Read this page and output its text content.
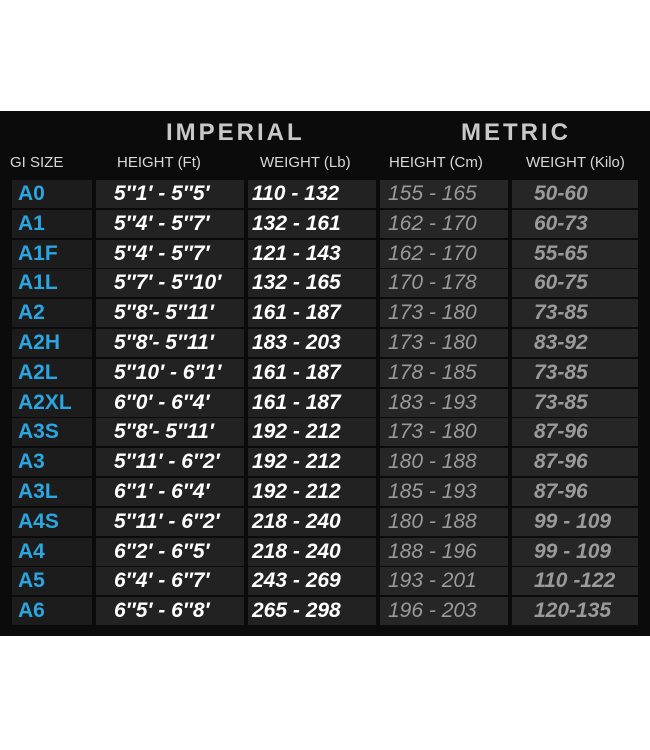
IMPERIAL	METRIC
GI SIZE	HEIGHT (Ft)	WEIGHT (Lb)	HEIGHT (Cm)	WEIGHT (Kilo)
A0	5″1′ - 5″5′	110 - 132	155 - 165	50-60
A1	5″4′ - 5″7′	132 - 161	162 - 170	60-73
A1F	5″4′ - 5″7′	121 - 143	162 - 170	55-65
A1L	5″7′ - 5″10′	132 - 165	170 - 178	60-75
A2	5″8′- 5″11′	161 - 187	173 - 180	73-85
A2H	5″8′- 5″11′	183 - 203	173 - 180	83-92
A2L	5″10′ - 6″1′	161 - 187	178 - 185	73-85
A2XL	6″0′ - 6″4′	161 - 187	183 - 193	73-85
A3S	5″8′- 5″11′	192 - 212	173 - 180	87-96
A3	5″11′ - 6″2′	192 - 212	180 - 188	87-96
A3L	6″1′ - 6″4′	192 - 212	185 - 193	87-96
A4S	5″11′ - 6″2′	218 - 240	180 - 188	99 - 109
A4	6″2′ - 6″5′	218 - 240	188 - 196	99 - 109
A5	6″4′ - 6″7′	243 - 269	193 - 201	110 -122
A6	6″5′ - 6″8′	265 - 298	196 - 203	120-135
